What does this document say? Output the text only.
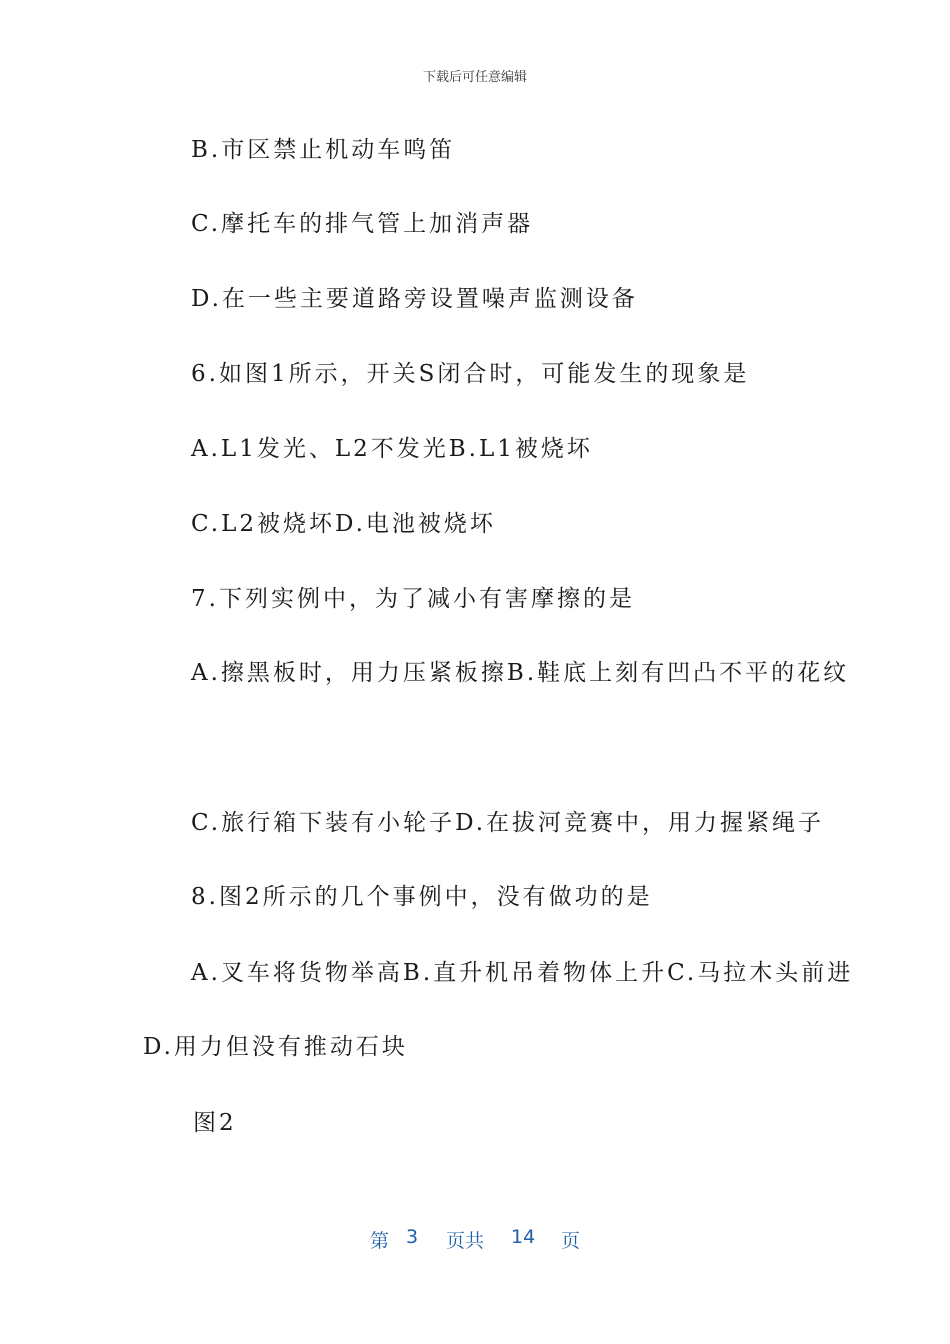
下载后可任意编辑
B.市区禁止机动车鸣笛
C.摩托车的排气管上加消声器
D.在一些主要道路旁设置噪声监测设备
6.如图1所示，开关S闭合时，可能发生的现象是
A.L1发光、L2不发光B.L1被烧坏
C.L2被烧坏D.电池被烧坏
7.下列实例中，为了减小有害摩擦的是
A.擦黑板时，用力压紧板擦B.鞋底上刻有凹凸不平的花纹
C.旅行箱下装有小轮子D.在拔河竞赛中，用力握紧绳子
8.图2所示的几个事例中，没有做功的是
A.叉车将货物举高B.直升机吊着物体上升C.马拉木头前进
D.用力但没有推动石块
图2
第 3 页共 14 页
